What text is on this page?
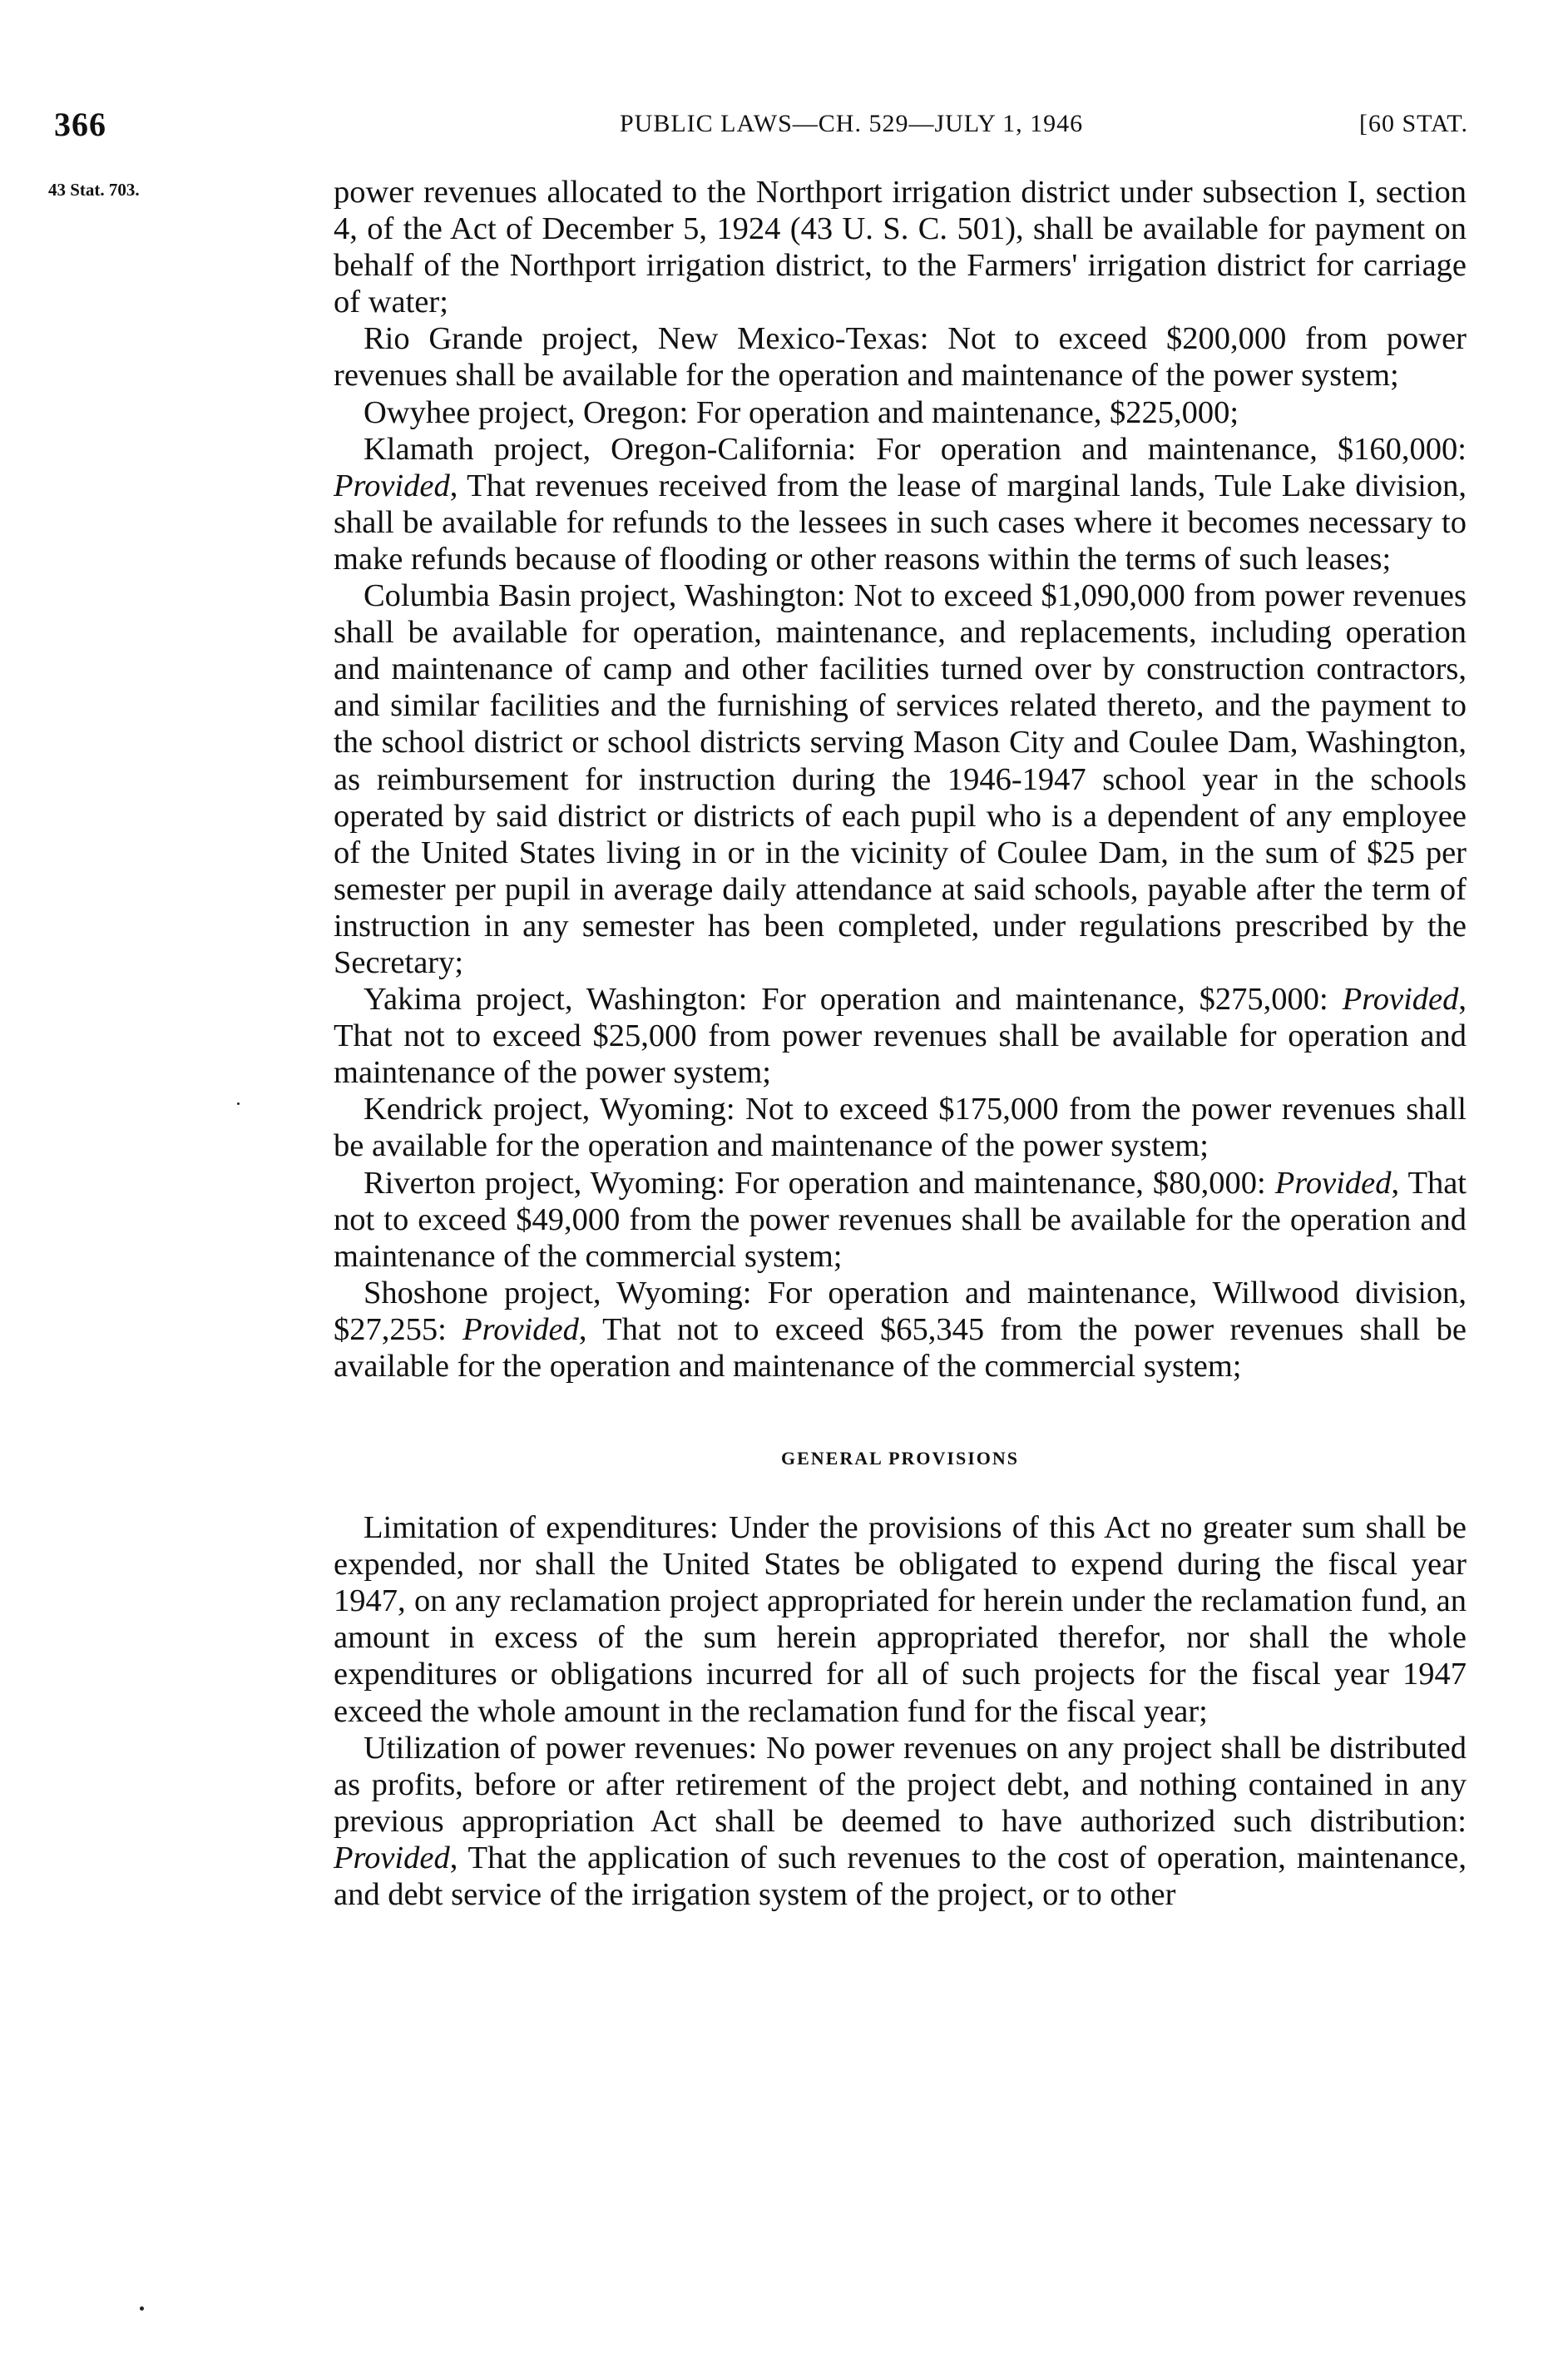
366	PUBLIC LAWS—CH. 529—JULY 1, 1946	[60 STAT.
43 Stat. 703.	power revenues allocated to the Northport irrigation district under subsection I, section 4, of the Act of December 5, 1924 (43 U. S. C. 501), shall be available for payment on behalf of the Northport irrigation district, to the Farmers' irrigation district for carriage of water;

Rio Grande project, New Mexico-Texas: Not to exceed $200,000 from power revenues shall be available for the operation and maintenance of the power system;

Owyhee project, Oregon: For operation and maintenance, $225,000;

Klamath project, Oregon-California: For operation and maintenance, $160,000: Provided, That revenues received from the lease of marginal lands, Tule Lake division, shall be available for refunds to the lessees in such cases where it becomes necessary to make refunds because of flooding or other reasons within the terms of such leases;

Columbia Basin project, Washington: Not to exceed $1,090,000 from power revenues shall be available for operation, maintenance, and replacements, including operation and maintenance of camp and other facilities turned over by construction contractors, and similar facilities and the furnishing of services related thereto, and the payment to the school district or school districts serving Mason City and Coulee Dam, Washington, as reimbursement for instruction during the 1946-1947 school year in the schools operated by said district or districts of each pupil who is a dependent of any employee of the United States living in or in the vicinity of Coulee Dam, in the sum of $25 per semester per pupil in average daily attendance at said schools, payable after the term of instruction in any semester has been completed, under regulations prescribed by the Secretary;

Yakima project, Washington: For operation and maintenance, $275,000: Provided, That not to exceed $25,000 from power revenues shall be available for operation and maintenance of the power system;

Kendrick project, Wyoming: Not to exceed $175,000 from the power revenues shall be available for the operation and maintenance of the power system;

Riverton project, Wyoming: For operation and maintenance, $80,000: Provided, That not to exceed $49,000 from the power revenues shall be available for the operation and maintenance of the commercial system;

Shoshone project, Wyoming: For operation and maintenance, Willwood division, $27,255: Provided, That not to exceed $65,345 from the power revenues shall be available for the operation and maintenance of the commercial system;

GENERAL PROVISIONS

Limitation of expenditures: Under the provisions of this Act no greater sum shall be expended, nor shall the United States be obligated to expend during the fiscal year 1947, on any reclamation project appropriated for herein under the reclamation fund, an amount in excess of the sum herein appropriated therefor, nor shall the whole expenditures or obligations incurred for all of such projects for the fiscal year 1947 exceed the whole amount in the reclamation fund for the fiscal year;

Utilization of power revenues: No power revenues on any project shall be distributed as profits, before or after retirement of the project debt, and nothing contained in any previous appropriation Act shall be deemed to have authorized such distribution: Provided, That the application of such revenues to the cost of operation, maintenance, and debt service of the irrigation system of the project, or to other
